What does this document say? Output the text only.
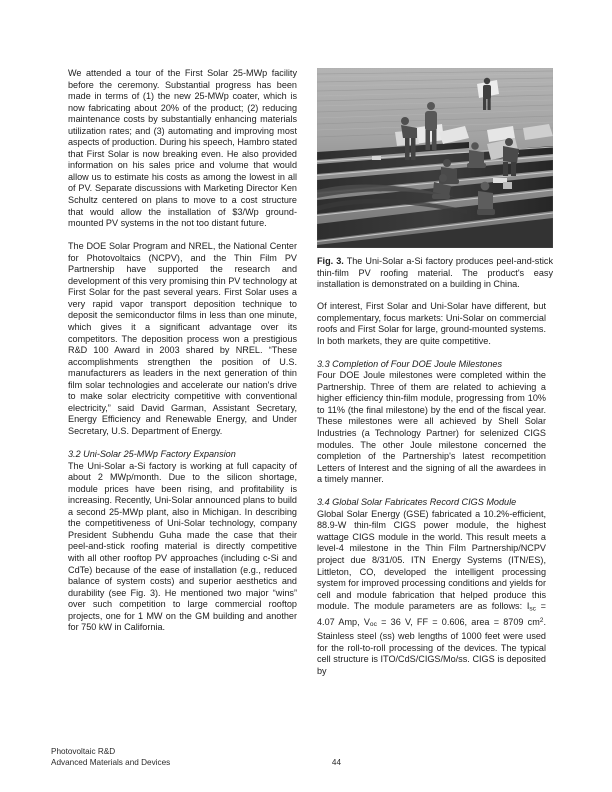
We attended a tour of the First Solar 25-MWp facility before the ceremony. Substantial progress has been made in terms of (1) the new 25-MWp coater, which is now fabricating about 20% of the product; (2) reducing maintenance costs by substantially enhancing materials utilization rates; and (3) automating and improving most aspects of production. During his speech, Hambro stated that First Solar is now breaking even. He also provided information on his sales price and volume that would allow us to estimate his costs as among the lowest in all of PV. Separate discussions with Marketing Director Ken Schultz centered on plans to move to a cost structure that would allow the installation of $3/Wp ground-mounted PV systems in the not too distant future.

The DOE Solar Program and NREL, the National Center for Photovoltaics (NCPV), and the Thin Film PV Partnership have supported the research and development of this very promising thin PV technology at First Solar for the past several years. First Solar uses a very rapid vapor transport deposition technique to deposit the semiconductor films in less than one minute, which gives it a significant advantage over its competitors. The deposition process won a prestigious R&D 100 Award in 2003 shared by NREL. “These accomplishments strengthen the position of U.S. manufacturers as leaders in the next generation of thin film solar technologies and accelerate our nation's drive to make solar electricity competitive with conventional electricity,” said David Garman, Assistant Secretary, Energy Efficiency and Renewable Energy, and Under Secretary, U.S. Department of Energy.

3.2 Uni-Solar 25-MWp Factory Expansion

The Uni-Solar a-Si factory is working at full capacity of about 2 MWp/month. Due to the silicon shortage, module prices have been rising, and profitability is increasing. Recently, Uni-Solar announced plans to build a second 25-MWp plant, also in Michigan. In describing the competitiveness of Uni-Solar technology, company President Subhendu Guha made the case that their peel-and-stick roofing material is directly competitive with all other rooftop PV approaches (including c-Si and CdTe) because of the ease of installation (e.g., reduced balance of system costs) and superior aesthetics and durability (see Fig. 3). He mentioned two major “wins” over such competition to large commercial rooftop projects, one for 1 MW on the GM building and another for 750 kW in California.

Fig. 3. The Uni-Solar a-Si factory produces peel-and-stick thin-film PV roofing material. The product's easy installation is demonstrated on a building in China.

Of interest, First Solar and Uni-Solar have different, but complementary, focus markets: Uni-Solar on commercial roofs and First Solar for large, ground-mounted systems. In both markets, they are quite competitive.

3.3 Completion of Four DOE Joule Milestones

Four DOE Joule milestones were completed within the Partnership. Three of them are related to achieving a higher efficiency thin-film module, progressing from 10% to 11% (the final milestone) by the end of the fiscal year. These milestones were all achieved by Shell Solar Industries (a Technology Partner) for selenized CIGS modules. The other Joule milestone concerned the completion of the Partnership's latest recompetition Letters of Interest and the signing of all the awardees in a timely manner.

3.4 Global Solar Fabricates Record CIGS Module

Global Solar Energy (GSE) fabricated a 10.2%-efficient, 88.9-W thin-film CIGS power module, the highest wattage CIGS module in the world. This result meets a level-4 milestone in the Thin Film Partnership/NCPV project due 8/31/05. ITN Energy Systems (ITN/ES), Littleton, CO, developed the intelligent processing system for improved processing conditions and yields for cell and module fabrication that helped produce this module. The module parameters are as follows: $I_{sc} = 4.07$ Amp, $V_{oc} = 36$ V, FF = 0.606, area = 8709 $cm^2$. Stainless steel (ss) web lengths of 1000 feet were used for the roll-to-roll processing of the devices. The typical cell structure is ITO/CdS/CIGS/Mo/ss. CIGS is deposited by

Photovoltaic R&D
Advanced Materials and Devices	44
